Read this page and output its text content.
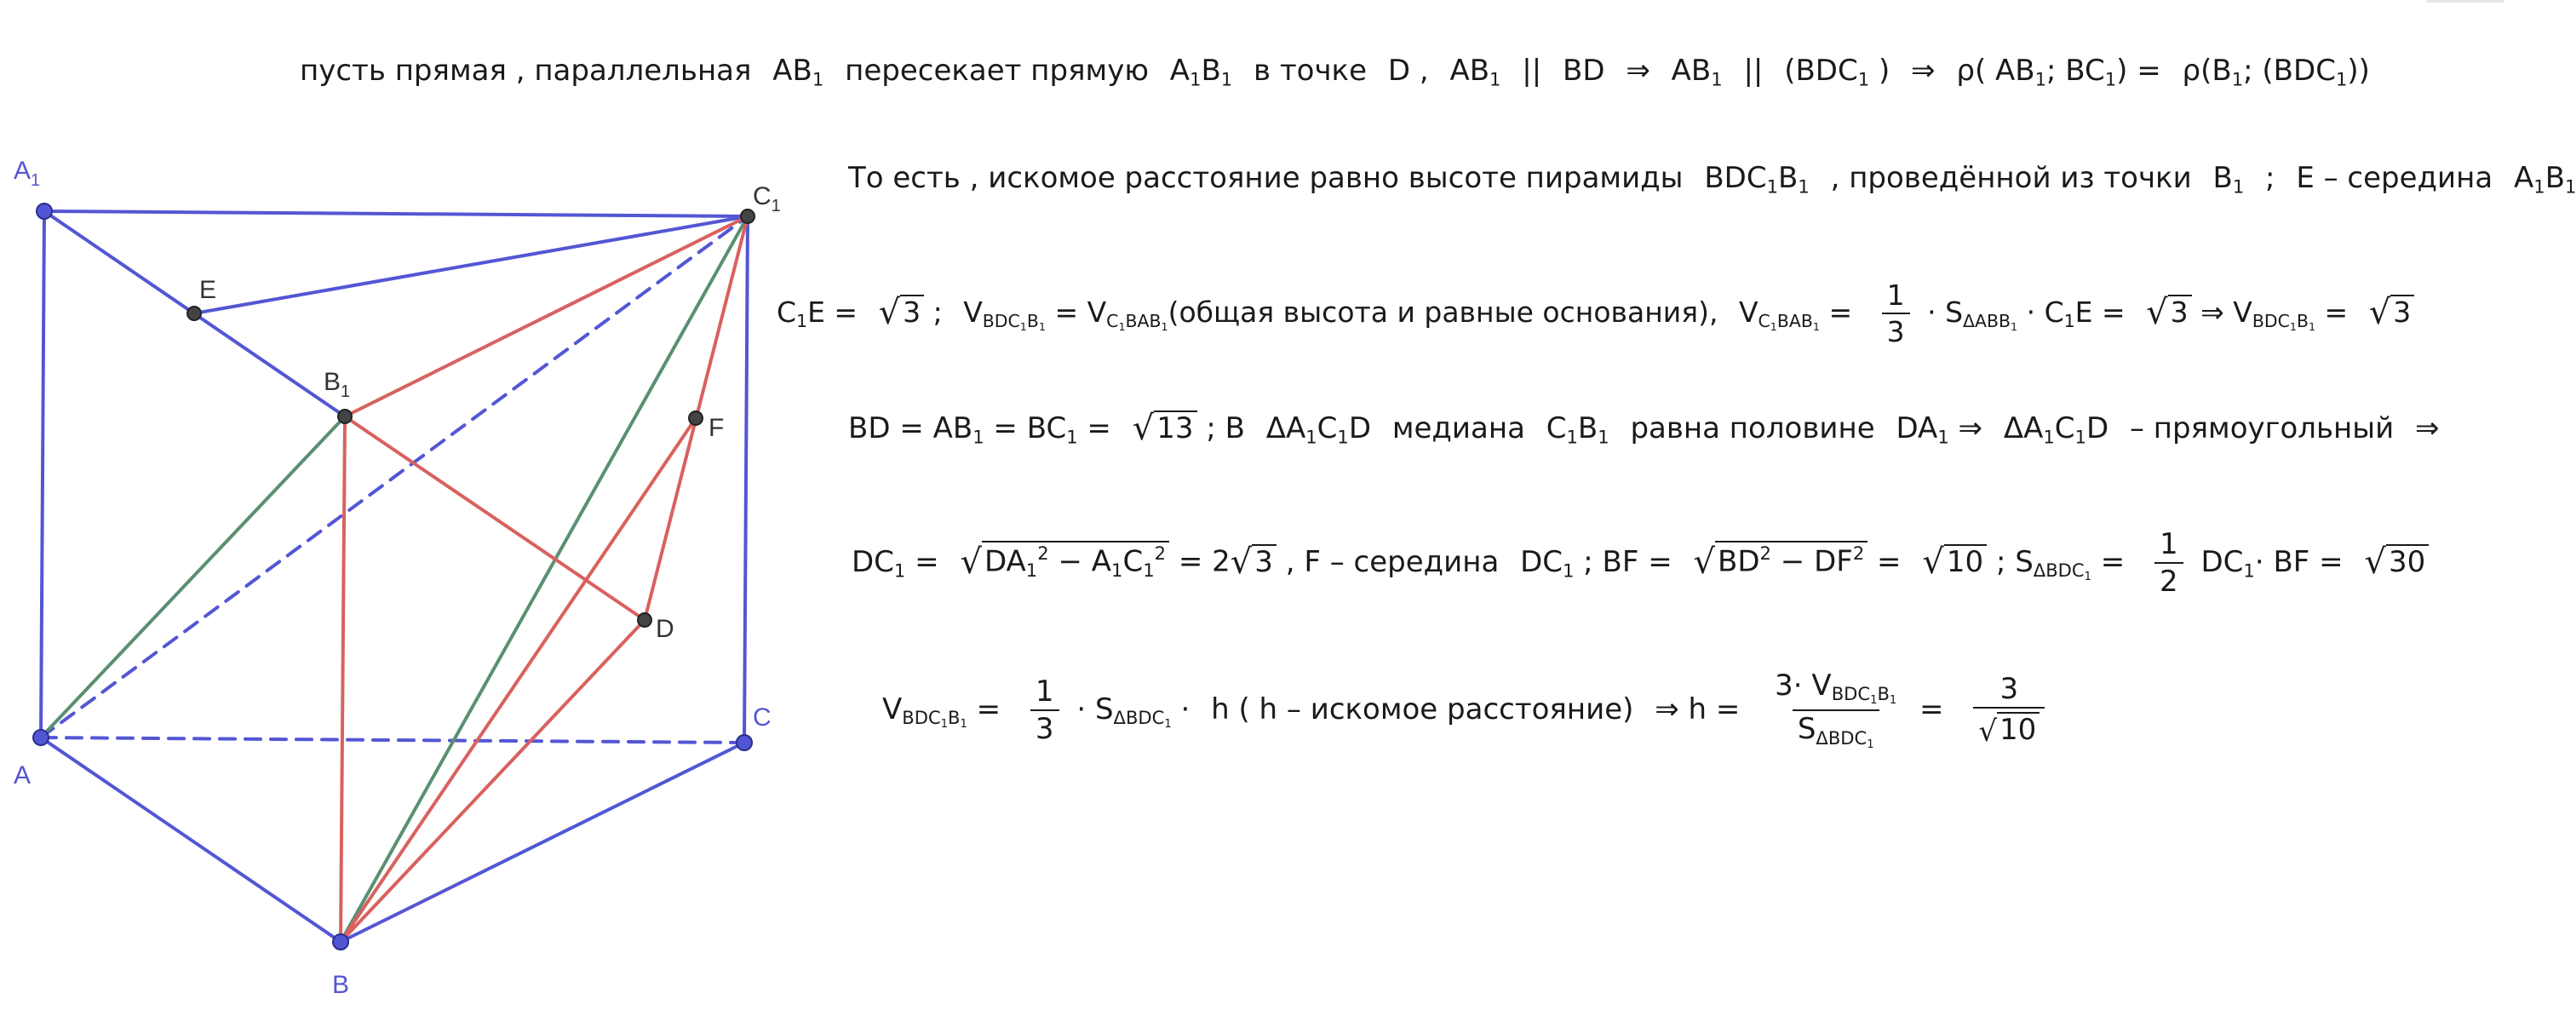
$A_1$
$C_1$
$B_1$
E
F
D
A
B
C
пусть прямая , параллельная $AB_1$ пересекает прямую $A_1B_1$ в точке D , $AB_1$ || BD ⇒ $AB_1$ || ($BDC_1$ ) ⇒ ρ( $AB_1$; $BC_1) = \rho(B_1$; $(BDC_1)$)
То есть , искомое расстояние равно высоте пирамиды $BDC_1B_1$ , проведённой из точки $B_1$ ; E – середина $A_1B_1$
$C_1E = √3$ ; $V_{BDC_1B_1}$ = $V_{C_1BAB_1}(общая$ высота и равные основания), $V_{C_1BAB_1} = \frac{1}{3} \cdot S_{\Delta ABB_1} \cdot C_1E = √3$ ⇒ $V_{BDC_1B_1} = √3$
BD = $AB_1 = BC_1 = √13$ ; В $\Delta A_1C_1D$ медиана $C_1B_1$ равна половине $DA_1$ ⇒ $\Delta A_1C_1D$ – прямоугольный ⇒
$DC_1 = √DA_1^2 - A_1C_1^2 = 2√3$ , F – середина $DC_1$ ; BF = $√BD^2 - DF^2 = √10$ ; $S_{\Delta BDC_1} = \frac{1}{2} DC_1\cdot$ BF = √30
$V_{BDC_1B_1} = \frac{1}{3} \cdot S_{\Delta BDC_1} \cdot h$ ( h – искомое расстояние) ⇒ $h = \frac{3\cdot V_{BDC_1B_1}}{S_{\Delta BDC_1}} = \frac{3}{√10}$
